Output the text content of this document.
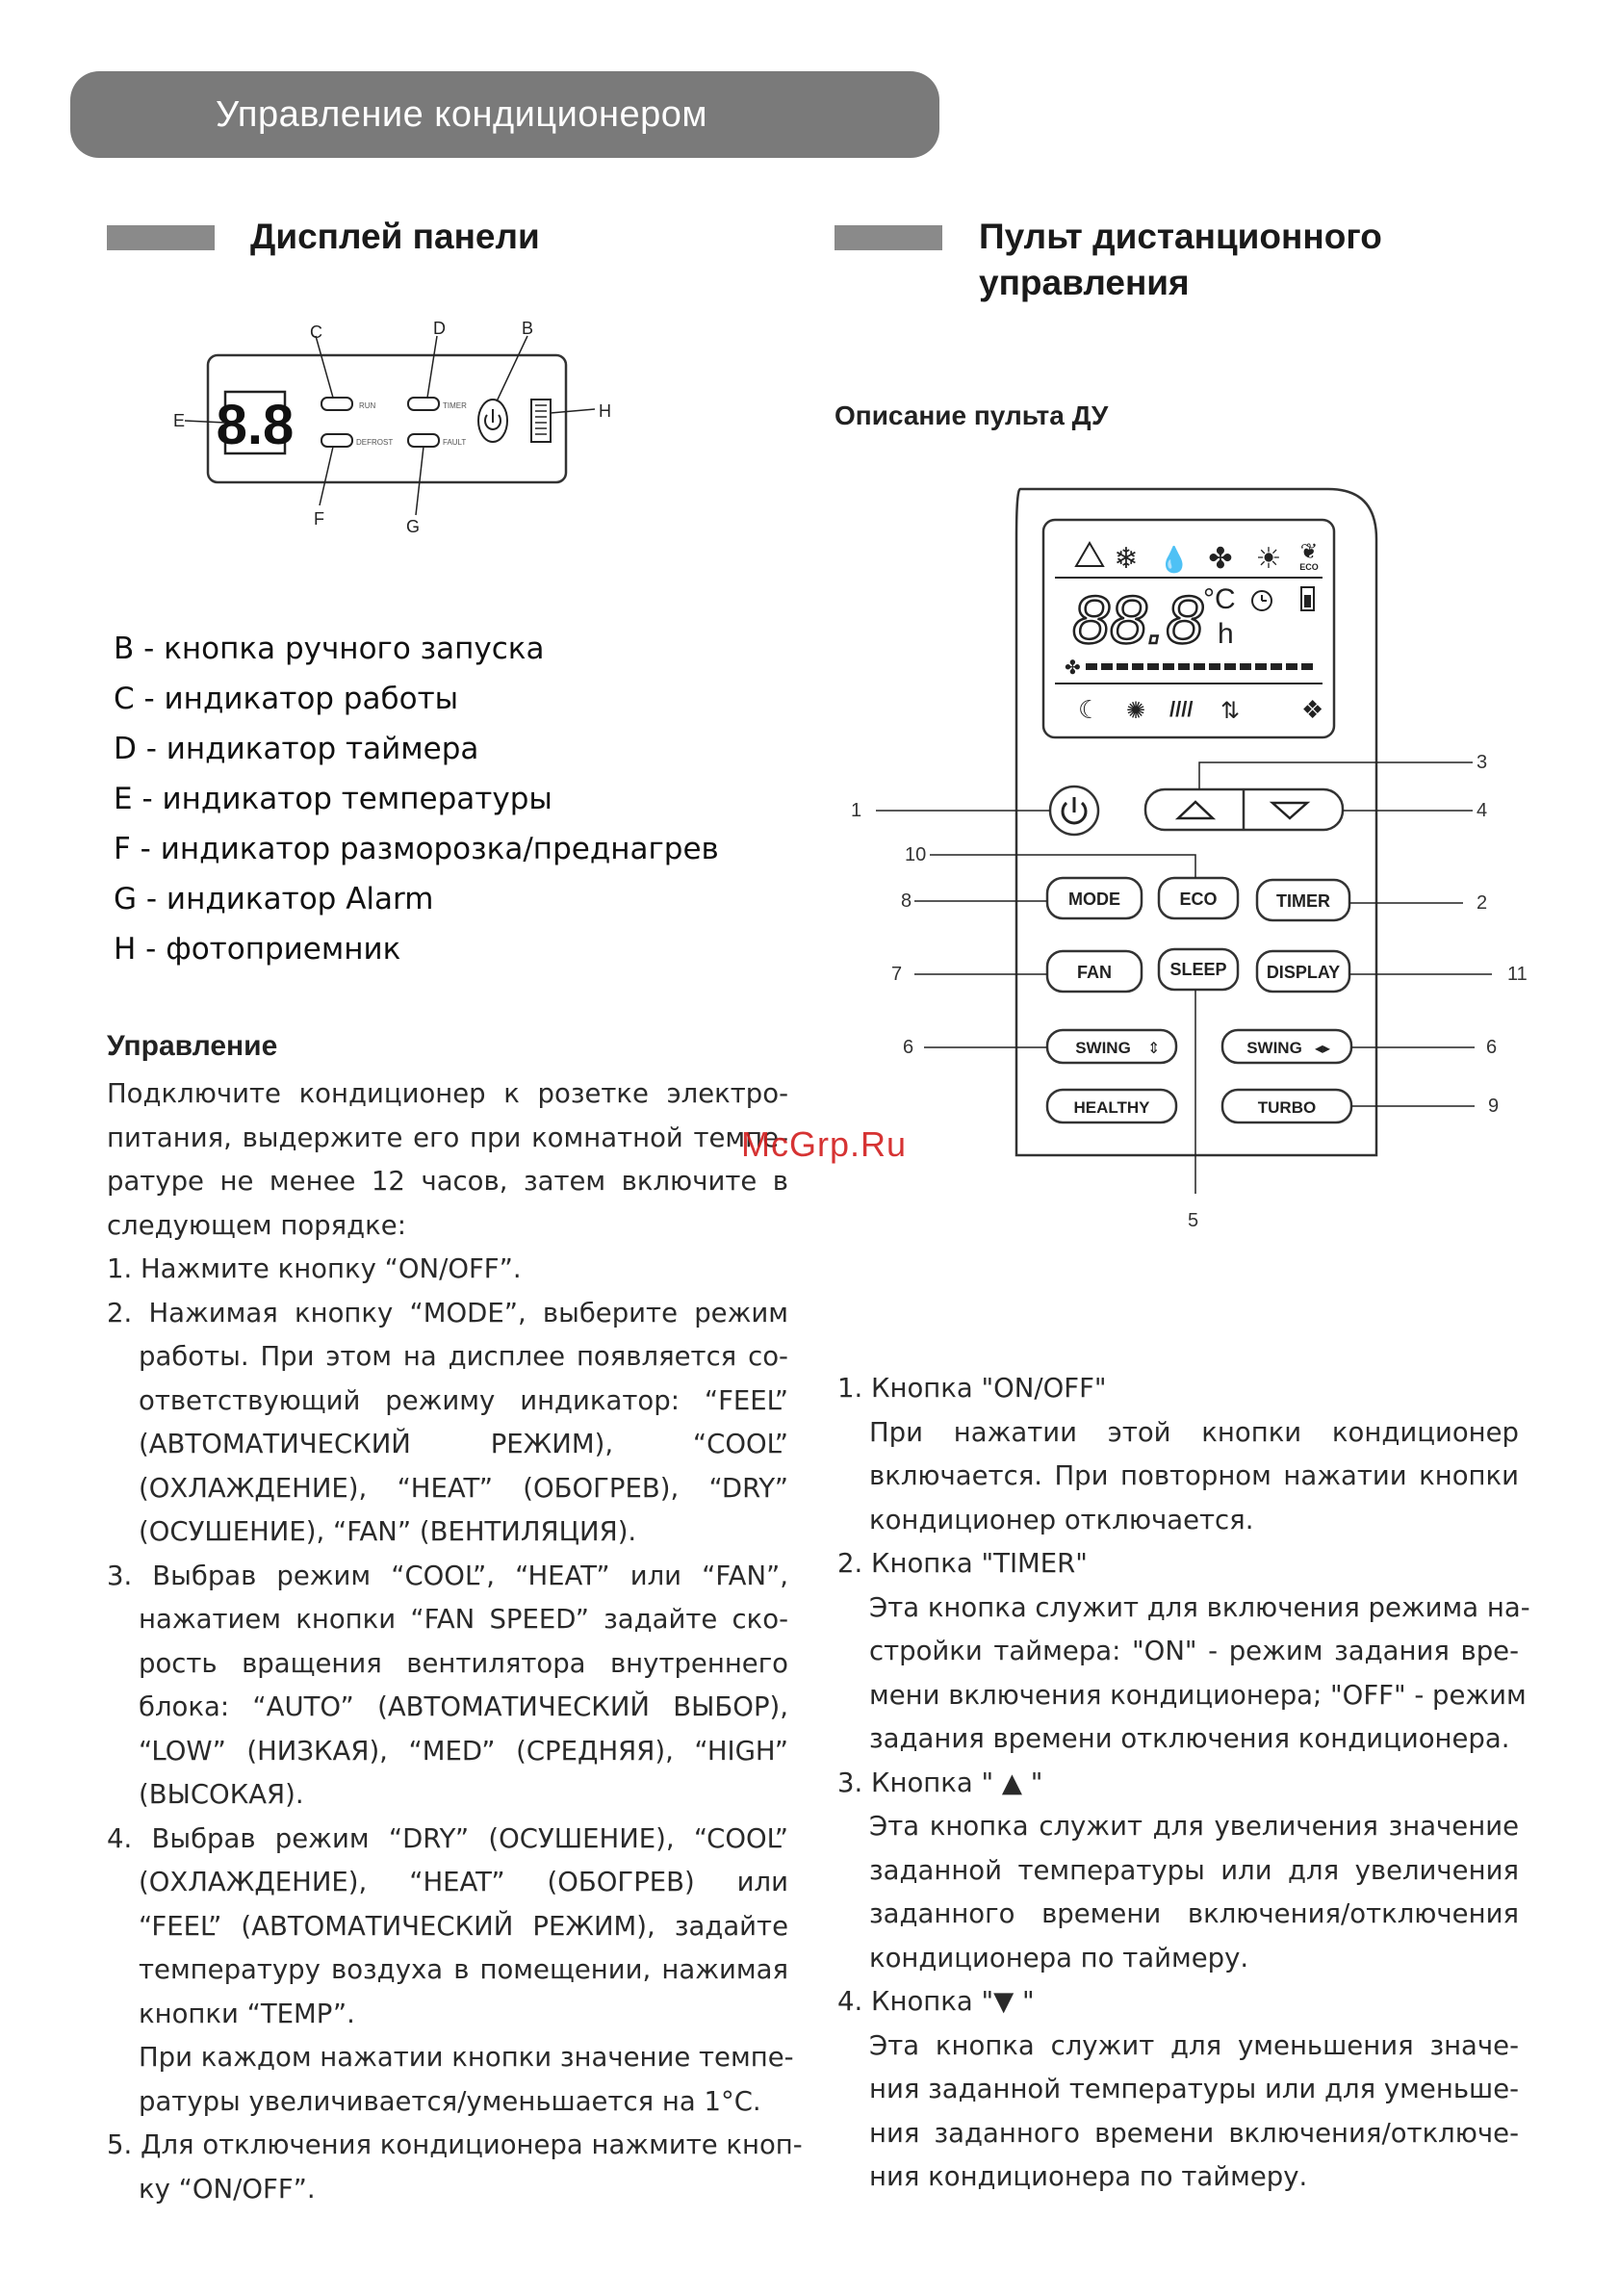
Управление кондиционером
Дисплей панели
8.8	RUN
DEFROST
TIMER
FAULT
C	D	B
E	H
F	G
B - кнопка ручного запуска
C - индикатор работы
D - индикатор таймера
E - индикатор температуры
F - индикатор разморозка/преднагрев
G - индикатор Alarm
H - фотоприемник
Управление
Подключите кондиционер к розетке электро-
питания, выдержите его при комнатной темпе-
ратуре не менее 12 часов, затем включите в
следующем порядке:
1. Нажмите кнопку “ON/OFF”.
2. Нажимая кнопку “MODE”, выберите режим
работы. При этом на дисплее появляется со-
ответствующий режиму индикатор: “FEEL”
(АВТОМАТИЧЕСКИЙ РЕЖИМ), “COOL”
(ОХЛАЖДЕНИЕ), “HEAT” (ОБОГРЕВ), “DRY”
(ОСУШЕНИЕ), “FAN” (ВЕНТИЛЯЦИЯ).
3. Выбрав режим “COOL”, “HEAT” или “FAN”,
нажатием кнопки “FAN SPEED” задайте ско-
рость вращения вентилятора внутреннего
блока: “AUTO” (АВТОМАТИЧЕСКИЙ ВЫБОР),
“LOW” (НИЗКАЯ), “MED” (СРЕДНЯЯ), “HIGH”
(ВЫСОКАЯ).
4. Выбрав режим “DRY” (ОСУШЕНИЕ), “COOL”
(ОХЛАЖДЕНИЕ), “HEAT” (ОБОГРЕВ) или
“FEEL” (АВТОМАТИЧЕСКИЙ РЕЖИМ), задайте
температуру воздуха в помещении, нажимая
кнопки “TEMP”.
При каждом нажатии кнопки значение темпе-
ратуры увеличивается/уменьшается на 1°С.
5. Для отключения кондиционера нажмите кноп-
ку “ON/OFF”.
McGrp.Ru
Пульт дистанционного
управления
Описание пульта ДУ
❄ 💧 ✤ ☀ ❦
ECO
88.8 °C
h
✤
☾ ✺ //// ⇅ ❖
MODE	ECO	TIMER
FAN	SLEEP DISPLAY
SWING ⇕	SWING ◂▸
HEALTHY	TURBO
1
3
4
10
8	2
7	11
6	6
9
5
1. Кнопка "ON/OFF"
При нажатии этой кнопки кондиционер
включается. При повторном нажатии кнопки
кондиционер отключается.
2. Кнопка "TIMER"
Эта кнопка служит для включения режима на-
стройки таймера: "ON" - режим задания вре-
мени включения кондиционера; "OFF" - режим
задания времени отключения кондиционера.
3. Кнопка " ▲ "
Эта кнопка служит для увеличения значение
заданной температуры или для увеличения
заданного времени включения/отключения
кондиционера по таймеру.
4. Кнопка "▼ "
Эта кнопка служит для уменьшения значе-
ния заданной температуры или для уменьше-
ния заданного времени включения/отключе-
ния кондиционера по таймеру.
